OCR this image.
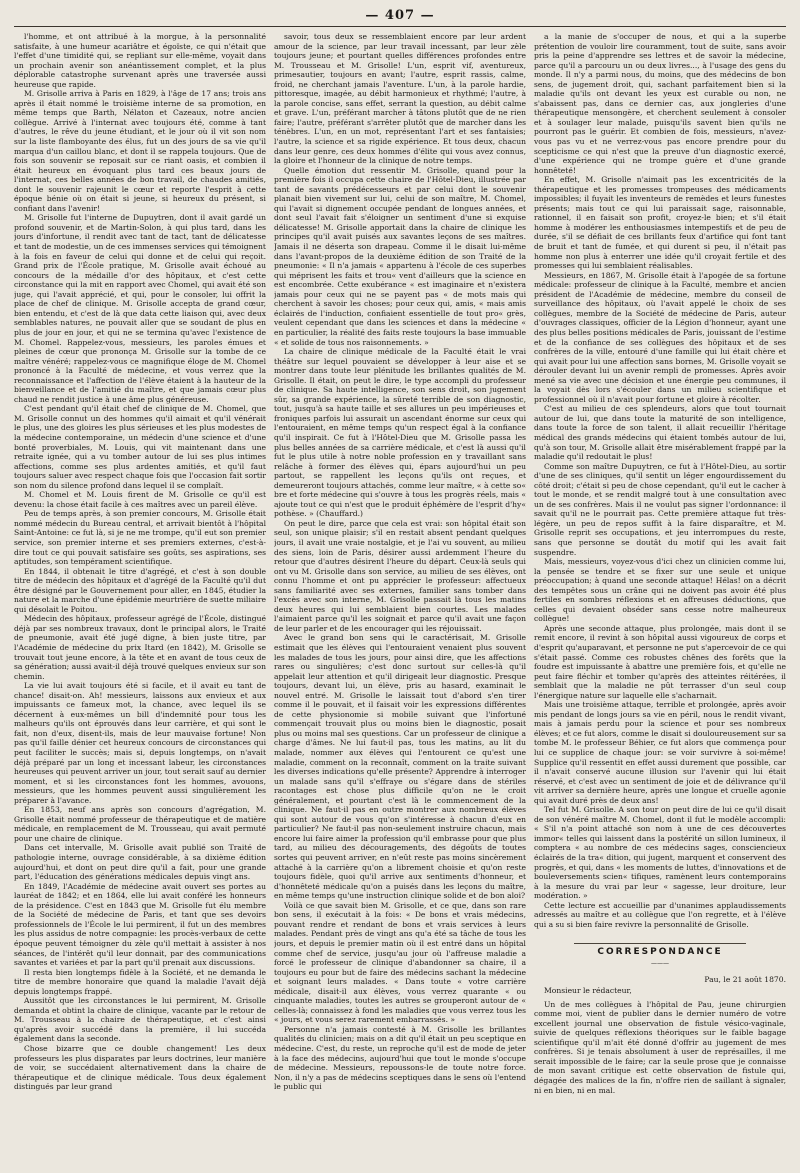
— 407 —

l'homme, et ont attribué à la morgue, à la personnalité satisfaite, à une humeur acariâtre et égoïste, ce qui n'était que l'effet d'une timidité qui, se repliant sur elle-même, voyait dans un prochain avenir son anéantissement complet, et la plus déplorable catastrophe survenant après une traversée aussi heureuse que rapide.

M. Grisolle arriva à Paris en 1829, à l'âge de 17 ans; trois ans après il était nommé le troisième interne de sa promotion, en même temps que Barth, Nélaton et Cazeaux, notre ancien collègue. Arrivé à l'internat avec toujours été, comme à tant d'autres, le rêve du jeune étudiant, et le jour où il vit son nom sur la liste flamboyante des élus, fut un des jours de sa vie qu'il marqua d'un caillou blanc, et dont il se rappela toujours. Que de fois son souvenir se reposait sur ce riant oasis, et combien il était heureux en évoquant plus tard ces beaux jours de l'internat, ces belles années de bon travail, de chaudes amitiés, dont le souvenir rajeunit le cœur et reporte l'esprit à cette époque bénie où on était si jeune, si heureux du présent, si confiant dans l'avenir!

M. Grisolle fut l'interne de Dupuytren, dont il avait gardé un profond souvenir, et de Martin-Solon, à qui plus tard, dans les jours d'infortune, il rendit avec tant de tact, tant de délicatesse et tant de modestie, un de ces immenses services qui témoignent à la fois en faveur de celui qui donne et de celui qui reçoit. Grand prix de l'École pratique, M. Grisolle avait échoué au concours de la médaille d'or des hôpitaux, et c'est cette circonstance qui la mit en rapport avec Chomel, qui avait été son juge, qui l'avait apprécié, et qui, pour le consoler, lui offrit la place de chef de clinique. M. Grisolle accepta de grand cœur, bien entendu, et c'est de là que data cette liaison qui, avec deux semblables natures, ne pouvait aller que se soudant de plus en plus de jour en jour, et qui ne se termina qu'avec l'existence de M. Chomel. Rappelez-vous, messieurs, les paroles émues et pleines de cœur que prononça M. Grisolle sur la tombe de ce maître vénéré; rappelez-vous ce magnifique éloge de M. Chomel prononcé à la Faculté de médecine, et vous verrez que la reconnaissance et l'affection de l'élève étaient à la hauteur de la bienveillance et de l'amitié du maître, et que jamais cœur plus chaud ne rendit justice à une âme plus généreuse.

C'est pendant qu'il était chef de clinique de M. Chomel, que M. Grisolle connut un des hommes qu'il aimait et qu'il vénérait le plus, une des gloires les plus sérieuses et les plus modestes de la médecine contemporaine, un médecin d'une science et d'une bonté proverbiales, M. Louis, qui vit maintenant dans une retraite ignée, qui a vu tomber autour de lui ses plus intimes affections, comme ses plus ardentes amitiés, et qu'il faut toujours saluer avec respect chaque fois que l'occasion fait sortir son nom du silence profond dans lequel il se complaît.

M. Chomel et M. Louis firent de M. Grisolle ce qu'il est devenu: la chose était facile à ces maîtres avec un pareil élève.

Peu de temps après, à son premier concours, M. Grisolle était nommé médecin du Bureau central, et arrivait bientôt à l'hôpital Saint-Antoine: ce fut là, si je ne me trompe, qu'il eut son premier service, son premier interne et ses premiers externes, c'est-à-dire tout ce qui pouvait satisfaire ses goûts, ses aspirations, ses aptitudes, son tempérament scientifique.

En 1844, il obtenait le titre d'agrégé, et c'est à son double titre de médecin des hôpitaux et d'agrégé de la Faculté qu'il dut être désigné par le Gouvernement pour aller, en 1845, étudier la nature et la marche d'une épidémie meurtrière de suette miliaire qui désolait le Poitou.

Médecin des hôpitaux, professeur agrégé de l'École, distingué déjà par ses nombreux travaux, dont le principal alors, le Traité de pneumonie, avait été jugé digne, à bien juste titre, par l'Académie de médecine du prix Itard (en 1842), M. Grisolle se trouvait tout jeune encore, à la tête et en avant de tous ceux de sa génération; aussi avait-il déjà trouvé quelques envieux sur son chemin.

La vie lui avait toujours été si facile, et il avait eu tant de chance! disait-on. Ah! messieurs, laissons aux envieux et aux impuissants ce fameux mot, la chance, avec lequel ils se décernent à eux-mêmes un bill d'indemnité pour tous les malheurs qu'ils ont éprouvés dans leur carrière, et qui sont le fait, non d'eux, disent-ils, mais de leur mauvaise fortune! Non pas qu'il faille dénier cet heureux concours de circonstances qui peut faciliter le succès; mais si, depuis longtemps, on n'avait déjà préparé par un long et incessant labeur, les circonstances heureuses qui peuvent arriver un jour, tout serait sauf au dernier moment, et si les circonstances font les hommes, avouons, messieurs, que les hommes peuvent aussi singulièrement les préparer à l'avance.

En 1853, neuf ans après son concours d'agrégation, M. Grisolle était nommé professeur de thérapeutique et de matière médicale, en remplacement de M. Trousseau, qui avait permuté pour une chaire de clinique.

Dans cet intervalle, M. Grisolle avait publié son Traité de pathologie interne, ouvrage considérable, à sa dixième édition aujourd'hui, et dont on peut dire qu'il a fait, pour une grande part, l'éducation des générations médicales depuis vingt ans.

En 1849, l'Académie de médecine avait ouvert ses portes au lauréat de 1842; et en 1864, elle lui avait conféré les honneurs de la présidence. C'est en 1843 que M. Grisolle fut élu membre de la Société de médecine de Paris, et tant que ses devoirs professionnels de l'École le lui permirent, il fut un des membres les plus assidus de notre compagnie: les procès-verbaux de cette époque peuvent témoigner du zèle qu'il mettait à assister à nos séances, de l'intérêt qu'il leur donnait, par des communications savantes et variées et par la part qu'il prenait aux discussions.

Il resta bien longtemps fidèle à la Société, et ne demanda le titre de membre honoraire que quand la maladie l'avait déjà depuis longtemps frappé.

Aussitôt que les circonstances le lui permirent, M. Grisolle demanda et obtint la chaire de clinique, vacante par le retour de M. Trousseau à la chaire de thérapeutique, et c'est ainsi qu'après avoir succédé dans la première, il lui succéda également dans la seconde.

Chose bizarre que ce double changement! Les deux professeurs les plus disparates par leurs doctrines, leur manière de voir, se succédaient alternativement dans la chaire de thérapeutique et de clinique médicale. Tous deux également distingués par leur grand

savoir, tous deux se ressemblaient encore par leur ardent amour de la science, par leur travail incessant, par leur zèle toujours jeune; et pourtant quelles différences profondes entre M. Trousseau et M. Grisolle! L'un, esprit vif, aventureux, primesautier, toujours en avant; l'autre, esprit rassis, calme, froid, ne cherchant jamais l'aventure. L'un, à la parole hardie, pittoresque, imagée, au débit harmonieux et rhythmé; l'autre, à la parole concise, sans effet, serrant la question, au débit calme et grave. L'un, préférant marcher à tâtons plutôt que de ne rien faire; l'autre, préférant s'arrêter plutôt que de marcher dans les ténèbres. L'un, en un mot, représentant l'art et ses fantaisies; l'autre, la science et sa rigide expérience. Et tous deux, chacun dans leur genre, ces deux hommes d'élite qui vous avez connus, la gloire et l'honneur de la clinique de notre temps.

Quelle émotion dut ressentir M. Grisolle, quand pour la première fois il occupa cette chaire de l'Hôtel-Dieu, illustrée par tant de savants prédécesseurs et par celui dont le souvenir planait bien vivement sur lui, celui de son maître, M. Chomel, qui l'avait si dignement occupée pendant de longues années, et dont seul l'avait fait s'éloigner un sentiment d'une si exquise délicatesse! M. Grisolle apportait dans la chaire de clinique les principes qu'il avait puisés aux savantes leçons de ses maîtres. Jamais il ne déserta son drapeau. Comme il le disait lui-même dans l'avant-propos de la deuxième édition de son Traité de la pneumonie: « Il n'a jamais « appartenu à l'école de ces superbes qui méprisent les faits et trou« vent d'ailleurs que la science en est encombrée. Cette exubérance « est imaginaire et n'existera jamais pour ceux qui ne se payent pas « de mots mais qui cherchent à savoir les choses; pour ceux qui, amis, « mais amis éclairés de l'induction, confiaient essentielle de tout pro« grès, veulent cependant que dans les sciences et dans la médecine « en particulier, la réalité des faits reste toujours la base immuable « et solide de tous nos raisonnements. »

La chaire de clinique médicale de la Faculté était le vrai théâtre sur lequel pouvaient se développer à leur aise et se montrer dans toute leur plénitude les brillantes qualités de M. Grisolle. Il était, on peut le dire, le type accompli du professeur de clinique. Sa haute intelligence, son sens droit, son jugement sûr, sa grande expérience, la sûreté terrible de son diagnostic, tout, jusqu'à sa haute taille et ses allures un peu impérieuses et froniques parfois lui assurait un ascendant énorme sur ceux qui l'entouraient, en même temps qu'un respect égal à la confiance qu'il inspirait. Ce fut à l'Hôtel-Dieu que M. Grisolle passa les plus belles années de sa carrière médicale, et c'est là aussi qu'il fut le plus utile à notre noble profession en y travaillant sans relâche à former des élèves qui, épars aujourd'hui un peu partout, se rappellent les leçons qu'ils ont reçues, et demeureront toujours attachés, comme leur maître, « à cette so« bre et forte médecine qui s'ouvre à tous les progrès réels, mais « ajoute tout ce qui n'est que le produit éphémère de l'esprit d'hy« pothèse. » (Chauffard.)

On peut le dire, parce que cela est vrai: son hôpital était son seul, son unique plaisir; s'il en restait absent pendant quelques jours, il avait une vraie nostalgie, et je l'ai vu souvent, au milieu des siens, loin de Paris, désirer aussi ardemment l'heure du retour que d'autres désirent l'heure du départ. Ceux-là seuls qui ont vu M. Grisolle dans son service, au milieu de ses élèves, ont connu l'homme et ont pu apprécier le professeur: affectueux sans familiarité avec ses externes, familier sans tomber dans l'excès avec son interne, M. Grisolle passait là tous les matins deux heures qui lui semblaient bien courtes. Les malades l'aimaient parce qu'il les soignait et parce qu'il avait une façon de leur parler et de les encourager qui les réjouissait.

Avec le grand bon sens qui le caractérisait, M. Grisolle estimait que les élèves qui l'entouraient venaient plus souvent les malades de tous les jours, pour ainsi dire, que les affections rares ou singulières; c'est donc surtout sur celles-là qu'il appelait leur attention et qu'il dirigeait leur diagnostic. Presque toujours, devant lui, un élève, pris au hasard, examinait le nouvel entré. M. Grisolle le laissait tout d'abord s'en tirer comme il le pouvait, et il faisait voir les expressions différentes de cette physionomie si mobile suivant que l'infortuné commençait trouvait plus ou moins bien le diagnostic, posait plus ou moins mal ses questions. Car un professeur de clinique a charge d'âmes. Ne lui faut-il pas, tous les matins, au lit du malade, nommer aux élèves qui l'entourent ce qu'est une maladie, comment on la reconnaît, comment on la traite suivant les diverses indications qu'elle présente? Apprendre à interroger un malade sans qu'il s'effraye ou s'égare dans de stériles racontages est chose plus difficile qu'on ne le croit généralement, et pourtant c'est là le commencement de la clinique. Ne faut-il pas en outre montrer aux nombreux élèves qui sont autour de vous qu'on s'intéresse à chacun d'eux en particulier? Ne faut-il pas non-seulement instruire chacun, mais encore lui faire aimer la profession qu'il embrasse pour que plus tard, au milieu des découragements, des dégoûts de toutes sortes qui peuvent arriver, en n'eût reste pas moins sincèrement attaché à la carrière qu'on a librement choisie et qu'on reste toujours fidèle, quoi qu'il arrive aux sentiments d'honneur, et d'honnêteté médicale qu'on a puisés dans les leçons du maître, en même temps qu'une instruction clinique solide et de bon aloi?

Voilà ce que savait bien M. Grisolle, et ce que, dans son rare bon sens, il exécutait à la fois: « De bons et vrais médecins, pouvant rendre et rendant de bons et vrais services à leurs malades. Pendant près de vingt ans qu'a été sa tâche de tous les jours, et depuis le premier matin où il est entré dans un hôpital comme chef de service, jusqu'au jour où l'affreuse maladie a forcé le professeur de clinique d'abandonner sa chaire, il a toujours eu pour but de faire des médecins sachant la médecine et soignant leurs malades. « Dans toute « votre carrière médicale, disait-il aux élèves, vous verrez quarante « ou cinquante maladies, toutes les autres se grouperont autour de « celles-là; connaissez à fond les maladies que vous verrez tous les « jours, et vous serez rarement embarrassés. »

Personne n'a jamais contesté à M. Grisolle les brillantes qualités du clinicien; mais on a dit qu'il était un peu sceptique en médecine. C'est, du reste, un reproche qu'il est de mode de jeter à la face des médecins, aujourd'hui que tout le monde s'occupe de médecine. Messieurs, repoussons-le de toute notre force. Non, il n'y a pas de médecins sceptiques dans le sens où l'entend le public qui

a la manie de s'occuper de nous, et qui a la superbe prétention de vouloir lire couramment, tout de suite, sans avoir pris la peine d'apprendre ses lettres et de savoir la médecine, parce qu'il a parcouru un ou deux livres..., à l'usage des gens du monde. Il n'y a parmi nous, du moins, que des médecins de bon sens, de jugement droit, qui, sachant parfaitement bien si la maladie qu'ils ont devant les yeux est curable ou non, ne s'abaissent pas, dans ce dernier cas, aux jongleries d'une thérapeutique mensongère, et cherchent seulement à consoler et à soulager leur malade, puisqu'ils savent bien qu'ils ne pourront pas le guérir. Et combien de fois, messieurs, n'avez-vous pas vu et ne verrez-vous pas encore prendre pour du scepticisme ce qui n'est que la preuve d'un diagnostic exercé, d'une expérience qui ne trompe guère et d'une grande honnêteté!

En effet, M. Grisolle n'aimait pas les excentricités de la thérapeutique et les promesses trompeuses des médicaments impossibles; il fuyait les inventeurs de remèdes et leurs funestes présents; mais tout ce qui lui paraissait sage, raisonnable, rationnel, il en faisait son profit, croyez-le bien; et s'il était homme à modérer les enthousiasmes intempestifs et de peu de durée, s'il se défiait de ces brillants feux d'artifice qui font tant de bruit et tant de fumée, et qui durent si peu, il n'était pas homme non plus à enterrer une idée qu'il croyait fertile et des promesses qui lui semblaient réalisables.

Messieurs, en 1867, M. Grisolle était à l'apogée de sa fortune médicale: professeur de clinique à la Faculté, membre et ancien président de l'Académie de médecine, membre du conseil de surveillance des hôpitaux, où l'avait appelé le choix de ses collègues, membre de la Société de médecine de Paris, auteur d'ouvrages classiques, officier de la Légion d'honneur, ayant une des plus belles positions médicales de Paris, jouissant de l'estime et de la confiance de ses collègues des hôpitaux et de ses confrères de la ville, entouré d'une famille qui lui était chère et qui avait pour lui une affection sans bornes, M. Grisolle voyait se dérouler devant lui un avenir rempli de promesses. Après avoir mené sa vie avec une décision et une énergie peu communes, il la voyait dès lors s'écouler dans un milieu scientifique et professionnel où il n'avait pour fortune et gloire à récolter.

C'est au milieu de ces splendeurs, alors que tout tournait autour de lui, que dans toute la maturité de son intelligence, dans toute la force de son talent, il allait recueillir l'héritage médical des grands médecins qui étaient tombés autour de lui, qu'à son tour, M. Grisolle allait être misérablement frappé par la maladie qu'il redoutait le plus!

Comme son maître Dupuytren, ce fut à l'Hôtel-Dieu, au sortir d'une de ses cliniques, qu'il sentit un léger engourdissement du côté droit; c'était si peu de chose cependant, qu'il eut le cacher à tout le monde, et se rendit malgré tout à une consultation avec un de ses confrères. Mais il ne voulut pas signer l'ordonnance: il savait qu'il ne le pourrait pas. Cette première attaque fut très-légère, un peu de repos suffit à la faire disparaître, et M. Grisolle reprit ses occupations, et jeu interrompues du reste, sans que personne se doutât du motif qui les avait fait suspendre.

Mais, messieurs, voyez-vous d'ici chez un clinicien comme lui, la pensée se tendre et se fixer sur une seule et unique préoccupation; à quand une seconde attaque! Hélas! on a décrit des tempêtes sous un crâne qui ne doivent pas avoir été plus fertiles en sombres réflexions et en affreuses déductions, que celles qui devaient obséder sans cesse notre malheureux collègue!

Après une seconde attaque, plus prolongée, mais dont il se remit encore, il revint à son hôpital aussi vigoureux de corps et d'esprit qu'auparavant, et personne ne put s'apercevoir de ce qui s'était passé. Comme ces robustes chênes des forêts que la foudre est impuissante à abattre une première fois, et qu'elle ne peut faire fléchir et tomber qu'après des atteintes réitérées, il semblait que la maladie ne pût terrasser d'un seul coup l'énergique nature sur laquelle elle s'acharnait.

Mais une troisième attaque, terrible et prolongée, après avoir mis pendant de longs jours sa vie en péril, nous le rendit vivant, mais à jamais perdu pour la science et pour ses nombreux élèves; et ce fut alors, comme le disait si douloureusement sur sa tombe M. le professeur Béhier, ce fut alors que commença pour lui ce supplice de chaque jour: se voir survivre à soi-même! Supplice qu'il ressentit en effet aussi durement que possible, car il n'avait conservé aucune illusion sur l'avenir qui lui était réservé, et c'est avec un sentiment de joie et de délivrance qu'il vit arriver sa dernière heure, après une longue et cruelle agonie qui avait duré près de deux ans!

Tel fut M. Grisolle. A son tour on peut dire de lui ce qu'il disait de son vénéré maître M. Chomel, dont il fut le modèle accompli: « S'il n'a point attaché son nom à une de ces découvertes immor« telles qui laissent dans la postérité un sillon lumineux, il comptera « au nombre de ces médecins sages, consciencieux éclairés de la tra« dition, qui jugent, marquent et conservent des progrès, et qui, dans « les moments de luttes, d'innovations et de bouleversements scien« tifiques, ramènent leurs contemporains à la mesure du vrai par leur « sagesse, leur droiture, leur modération. »

Cette lecture est accueillie par d'unanimes applaudissements adressés au maître et au collègue que l'on regrette, et à l'élève qui a su si bien faire revivre la personnalité de Grisolle.

CORRESPONDANCE
———
Pau, le 21 août 1870.
Monsieur le rédacteur,

Un de mes collègues à l'hôpital de Pau, jeune chirurgien comme moi, vient de publier dans le dernier numéro de votre excellent journal une observation de fistule vésico-vaginale, suivie de quelques réflexions théoriques sur le faible bagage scientifique qu'il m'ait été donné d'offrir au jugement de mes confrères. Si je tenais absolument à user de représailles, il me serait impossible de le faire; car la seule prose que je connaisse de mon savant critique est cette observation de fistule qui, dégagée des malices de la fin, n'offre rien de saillant à signaler, ni en bien, ni en mal.
